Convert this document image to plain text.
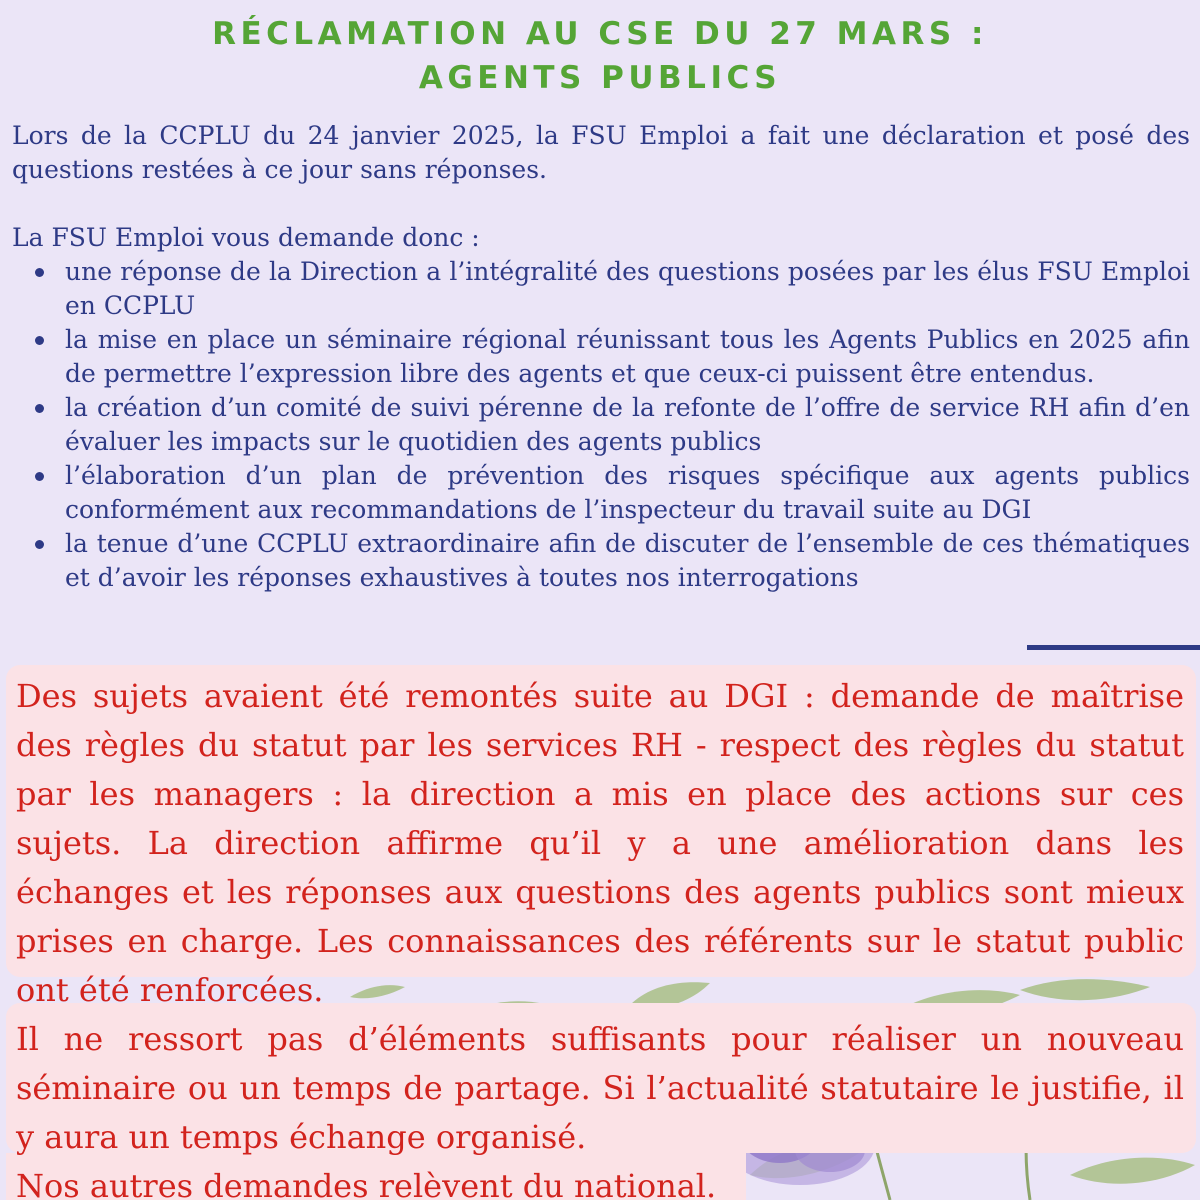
RÉCLAMATION AU CSE DU 27 MARS :
AGENTS PUBLICS

Lors de la CCPLU du 24 janvier 2025, la FSU Emploi a fait une déclaration et posé des questions restées à ce jour sans réponses.

La FSU Emploi vous demande donc :

une réponse de la Direction a l’intégralité des questions posées par les élus FSU Emploi en CCPLU
la mise en place un séminaire régional réunissant tous les Agents Publics en 2025 afin de permettre l’expression libre des agents et que ceux-ci puissent être entendus.
la création d’un comité de suivi pérenne de la refonte de l’offre de service RH afin d’en évaluer les impacts sur le quotidien des agents publics
l’élaboration d’un plan de prévention des risques spécifique aux agents publics conformément aux recommandations de l’inspecteur du travail suite au DGI
la tenue d’une CCPLU extraordinaire afin de discuter de l’ensemble de ces thématiques et d’avoir les réponses exhaustives à toutes nos interrogations

Des sujets avaient été remontés suite au DGI : demande de maîtrise des règles du statut par les services RH - respect des règles du statut par les managers : la direction a mis en place des actions sur ces sujets. La direction affirme qu’il y a une amélioration dans les échanges et les réponses aux questions des agents publics sont mieux prises en charge. Les connaissances des référents sur le statut public ont été renforcées.

Il ne ressort pas d’éléments suffisants pour réaliser un nouveau séminaire ou un temps de partage. Si l’actualité statutaire le justifie, il y aura un temps échange organisé.

Nos autres demandes relèvent du national.
